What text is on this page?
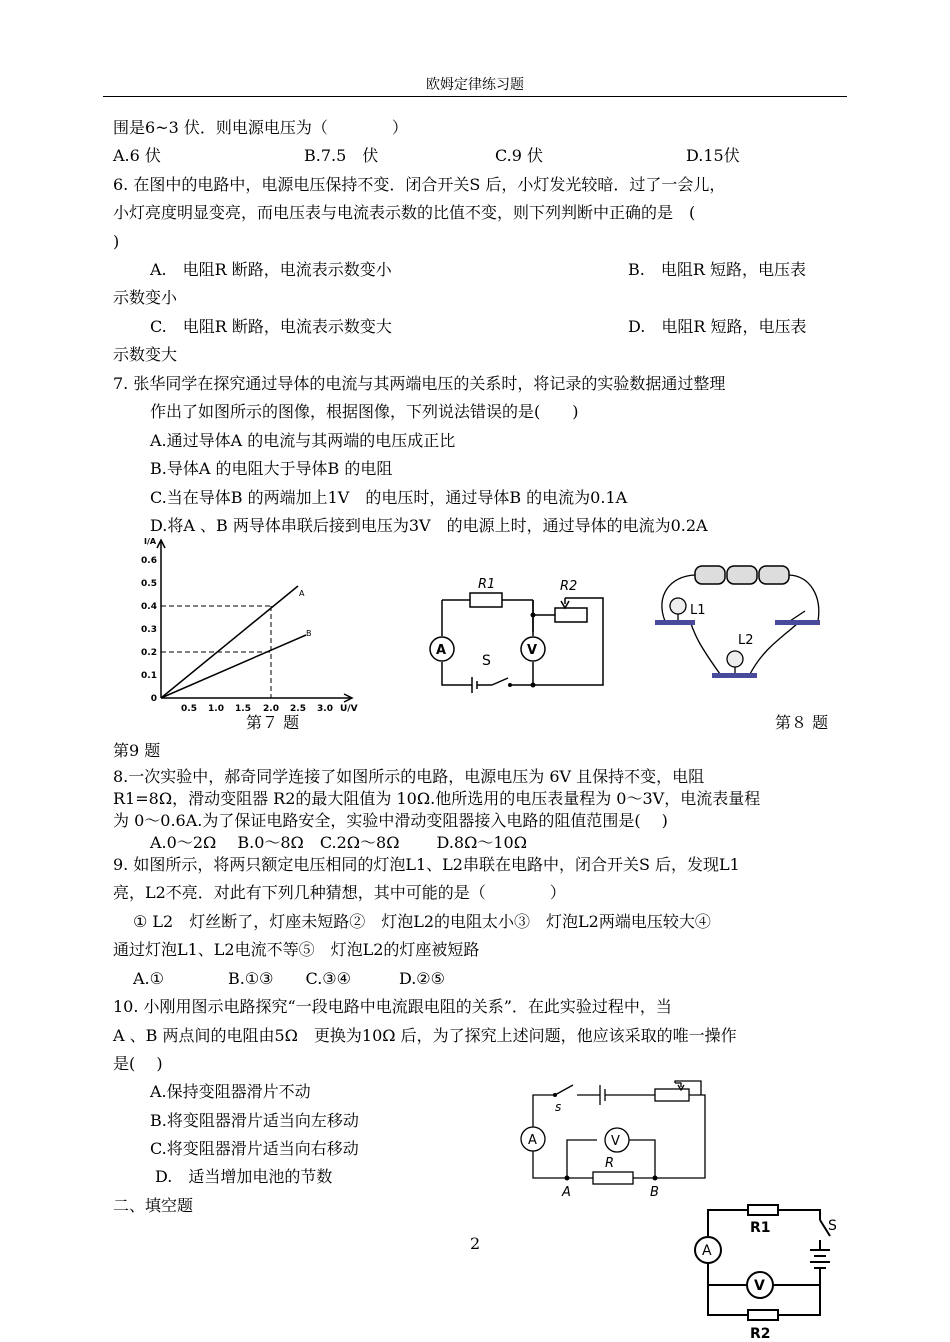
欧姆定律练习题
围是6~3 伏．则电源电压为（　　　　）
A.6 伏	B.7.5　伏	C.9 伏	D.15伏
6. 在图中的电路中，电源电压保持不变．闭合开关S 后，小灯发光较暗．过了一会儿，
小灯亮度明显变亮，而电压表与电流表示数的比值不变，则下列判断中正确的是　(
)
A.　电阻R 断路，电流表示数变小	B.　电阻R 短路，电压表
示数变小
C.　电阻R 断路，电流表示数变大	D.　电阻R 短路，电压表
示数变大
7. 张华同学在探究通过导体的电流与其两端电压的关系时，将记录的实验数据通过整理
作出了如图所示的图像，根据图像，下列说法错误的是(　　)
A.通过导体A 的电流与其两端的电压成正比
B.导体A 的电阻大于导体B 的电阻
C.当在导体B 的两端加上1V　的电压时，通过导体B 的电流为0.1A
D.将A 、B 两导体串联后接到电压为3V　的电源上时，通过导体的电流为0.2A
I/A
U/V
0
0.1
0.2
0.3
0.4
0.5
0.6
0.5 1.0 1.5 2.0 2.5 3.0
A
B
R1	R2
A	V
S
L1
L2
第７ 题	第８ 题
第9 题
8.一次实验中，郝奇同学连接了如图所示的电路，电源电压为 6V 且保持不变，电阻
R1=8Ω，滑动变阻器 R2的最大阻值为 10Ω.他所选用的电压表量程为 0～3V，电流表量程
为 0～0.6A.为了保证电路安全，实验中滑动变阻器接入电路的阻值范围是(　 )
A.0～2Ω　 B.0～8Ω　C.2Ω～8Ω　 　D.8Ω～10Ω
9. 如图所示，将两只额定电压相同的灯泡L1、L2串联在电路中，闭合开关S 后，发现L1
亮，L2不亮．对此有下列几种猜想，其中可能的是（　　　　）
① L2　灯丝断了，灯座未短路②　灯泡L2的电阻太小③　灯泡L2两端电压较大④
通过灯泡L1、L2电流不等⑤　灯泡L2的灯座被短路
A.①　　　　B.①③　　C.③④　　　D.②⑤
10. 小刚用图示电路探究“一段电路中电流跟电阻的关系”．在此实验过程中，当
A 、B 两点间的电阻由5Ω　更换为10Ω 后，为了探究上述问题，他应该采取的唯一操作
是(　 )
A.保持变阻器滑片不动
B.将变阻器滑片适当向左移动
C.将变阻器滑片适当向右移动
D.　适当增加电池的节数
s
A	V
R
A	B
二、填空题
R1	S
A
V
R2
2
